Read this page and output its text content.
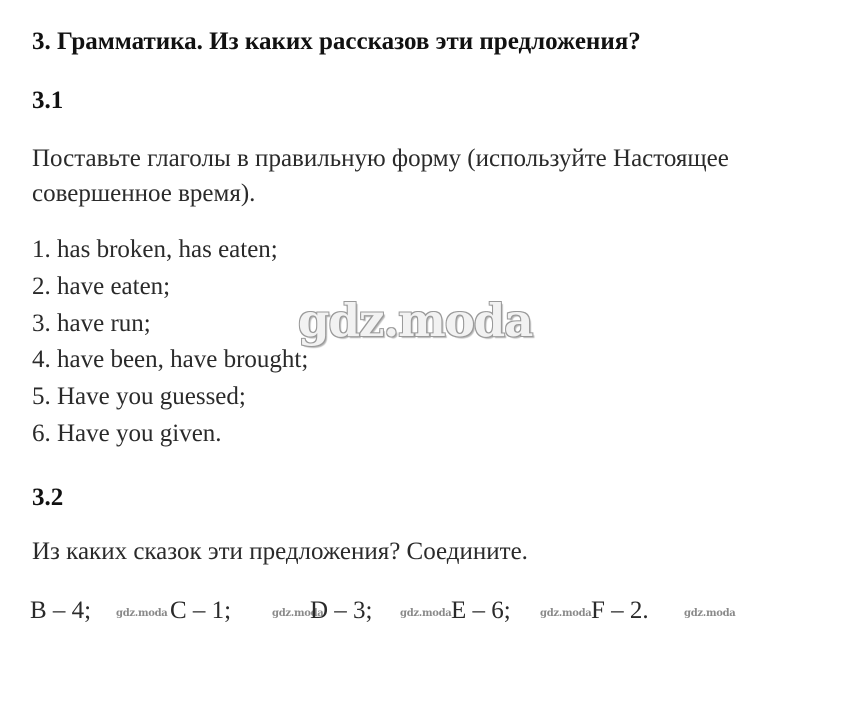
3. Грамматика. Из каких рассказов эти предложения?
3.1
Поставьте глаголы в правильную форму (используйте Настоящее
совершенное время).
1. has broken, has eaten;
2. have eaten;
3. have run;
4. have been, have brought;
5. Have you guessed;
6. Have you given.
gdz.moda
3.2
Из каких сказок эти предложения? Соедините.
B – 4; gdz.moda C – 1;	gdz.moda
D – 3;	gdz.moda E – 6;	gdz.moda F – 2.	gdz.moda
